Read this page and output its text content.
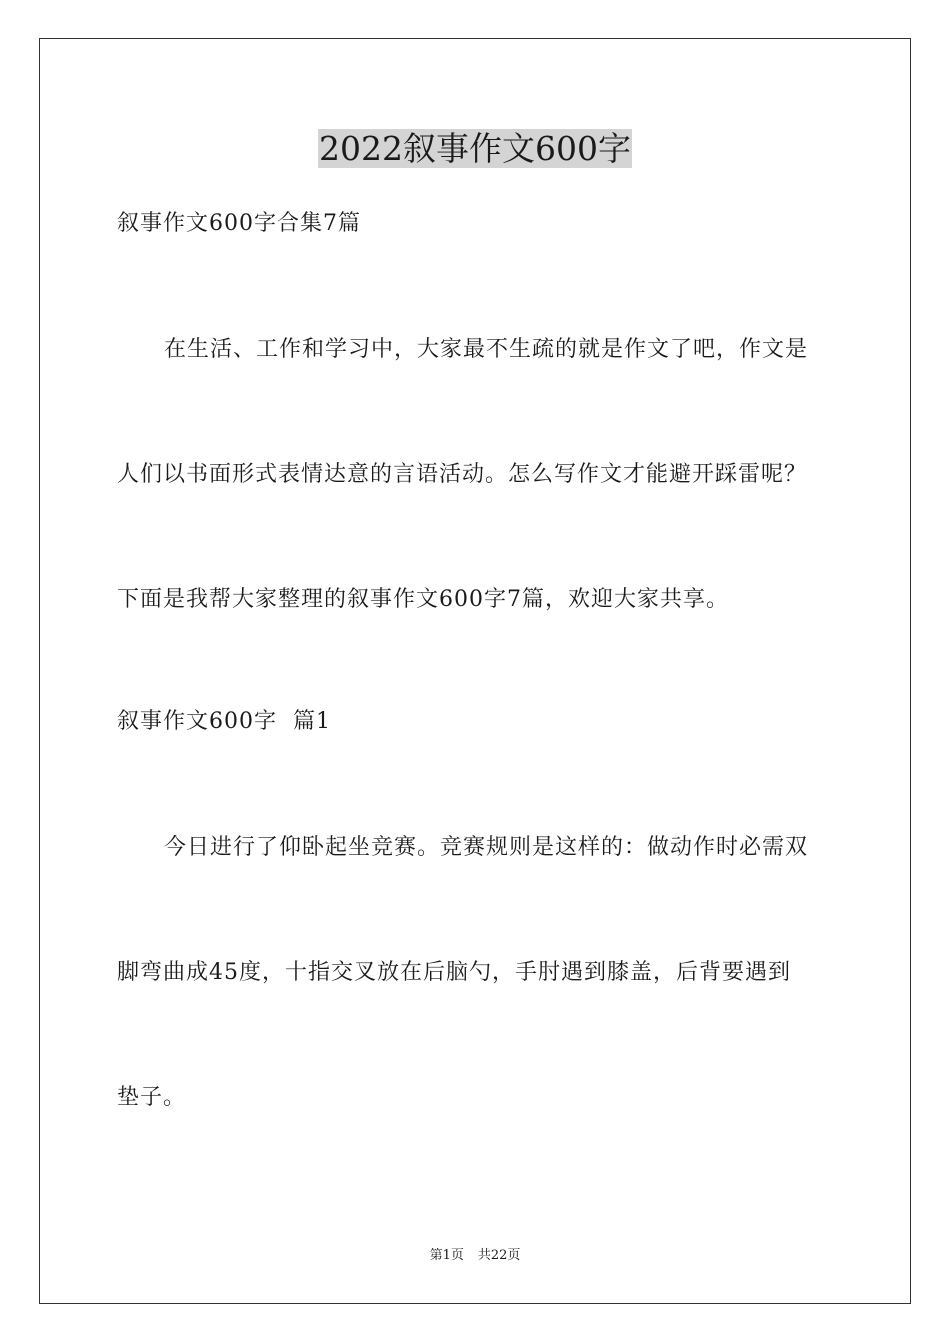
2022叙事作文600字
叙事作文600字合集7篇
在生活、工作和学习中，大家最不生疏的就是作文了吧，作文是
人们以书面形式表情达意的言语活动。怎么写作文才能避开踩雷呢？
下面是我帮大家整理的叙事作文600字7篇，欢迎大家共享。
叙事作文600字  篇1
今日进行了仰卧起坐竞赛。竞赛规则是这样的：做动作时必需双
脚弯曲成45度，十指交叉放在后脑勺，手肘遇到膝盖，后背要遇到
垫子。
第1页 共22页
